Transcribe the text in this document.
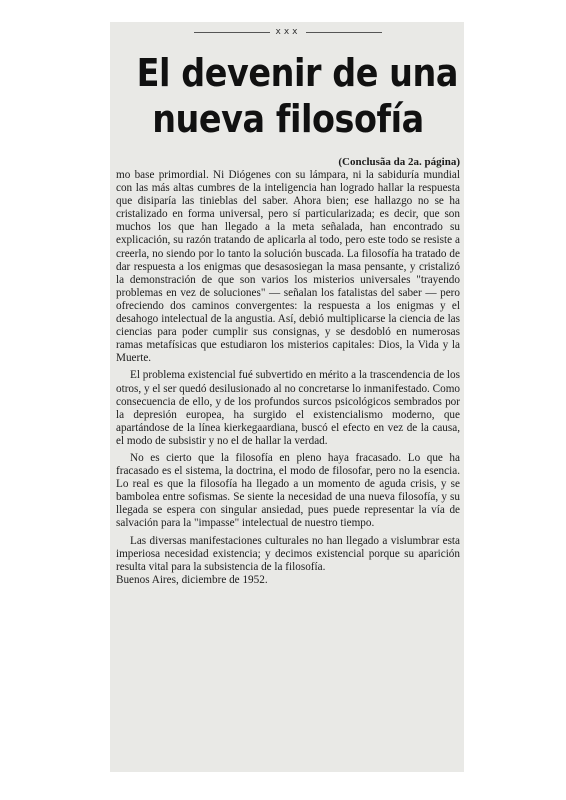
xxx
El devenir de una
nueva filosofía
(Conclusãa da 2a. página)

mo base primordial. Ni Diógenes con su lámpara, ni la sabiduría mundial con las más altas cumbres de la inteligencia han logrado hallar la respuesta que disiparía las tinieblas del saber. Ahora bien; ese hallazgo no se ha cristalizado en forma universal, pero sí particularizada; es decir, que son muchos los que han llegado a la meta señalada, han encontrado su explicación, su razón tratando de aplicarla al todo, pero este todo se resiste a creerla, no siendo por lo tanto la solución buscada. La filosofía ha tratado de dar respuesta a los enigmas que desasosiegan la masa pensante, y cristalizó la demonstración de que son varios los misterios universales "trayendo problemas en vez de soluciones" — señalan los fatalistas del saber — pero ofreciendo dos caminos convergentes: la respuesta a los enigmas y el desahogo intelectual de la angustia. Así, debió multiplicarse la ciencia de las ciencias para poder cumplir sus consignas, y se desdobló en numerosas ramas metafísicas que estudiaron los misterios capitales: Dios, la Vida y la Muerte.

El problema existencial fué subvertido en mérito a la trascendencia de los otros, y el ser quedó desilusionado al no concretarse lo inmanifestado. Como consecuencia de ello, y de los profundos surcos psicológicos sembrados por la depresión europea, ha surgido el existencialismo moderno, que apartándose de la línea kierkegaardiana, buscó el efecto en vez de la causa, el modo de subsistir y no el de hallar la verdad.

No es cierto que la filosofía en pleno haya fracasado. Lo que ha fracasado es el sistema, la doctrina, el modo de filosofar, pero no la esencia. Lo real es que la filosofía ha llegado a un momento de aguda crisis, y se bambolea entre sofismas. Se siente la necesidad de una nueva filosofía, y su llegada se espera con singular ansiedad, pues puede representar la vía de salvación para la "impasse" intelectual de nuestro tiempo.

Las diversas manifestaciones culturales no han llegado a vislumbrar esta imperiosa necesidad existencia; y decimos existencial porque su aparición resulta vital para la subsistencia de la filosofía.

Buenos Aires, diciembre de 1952.
